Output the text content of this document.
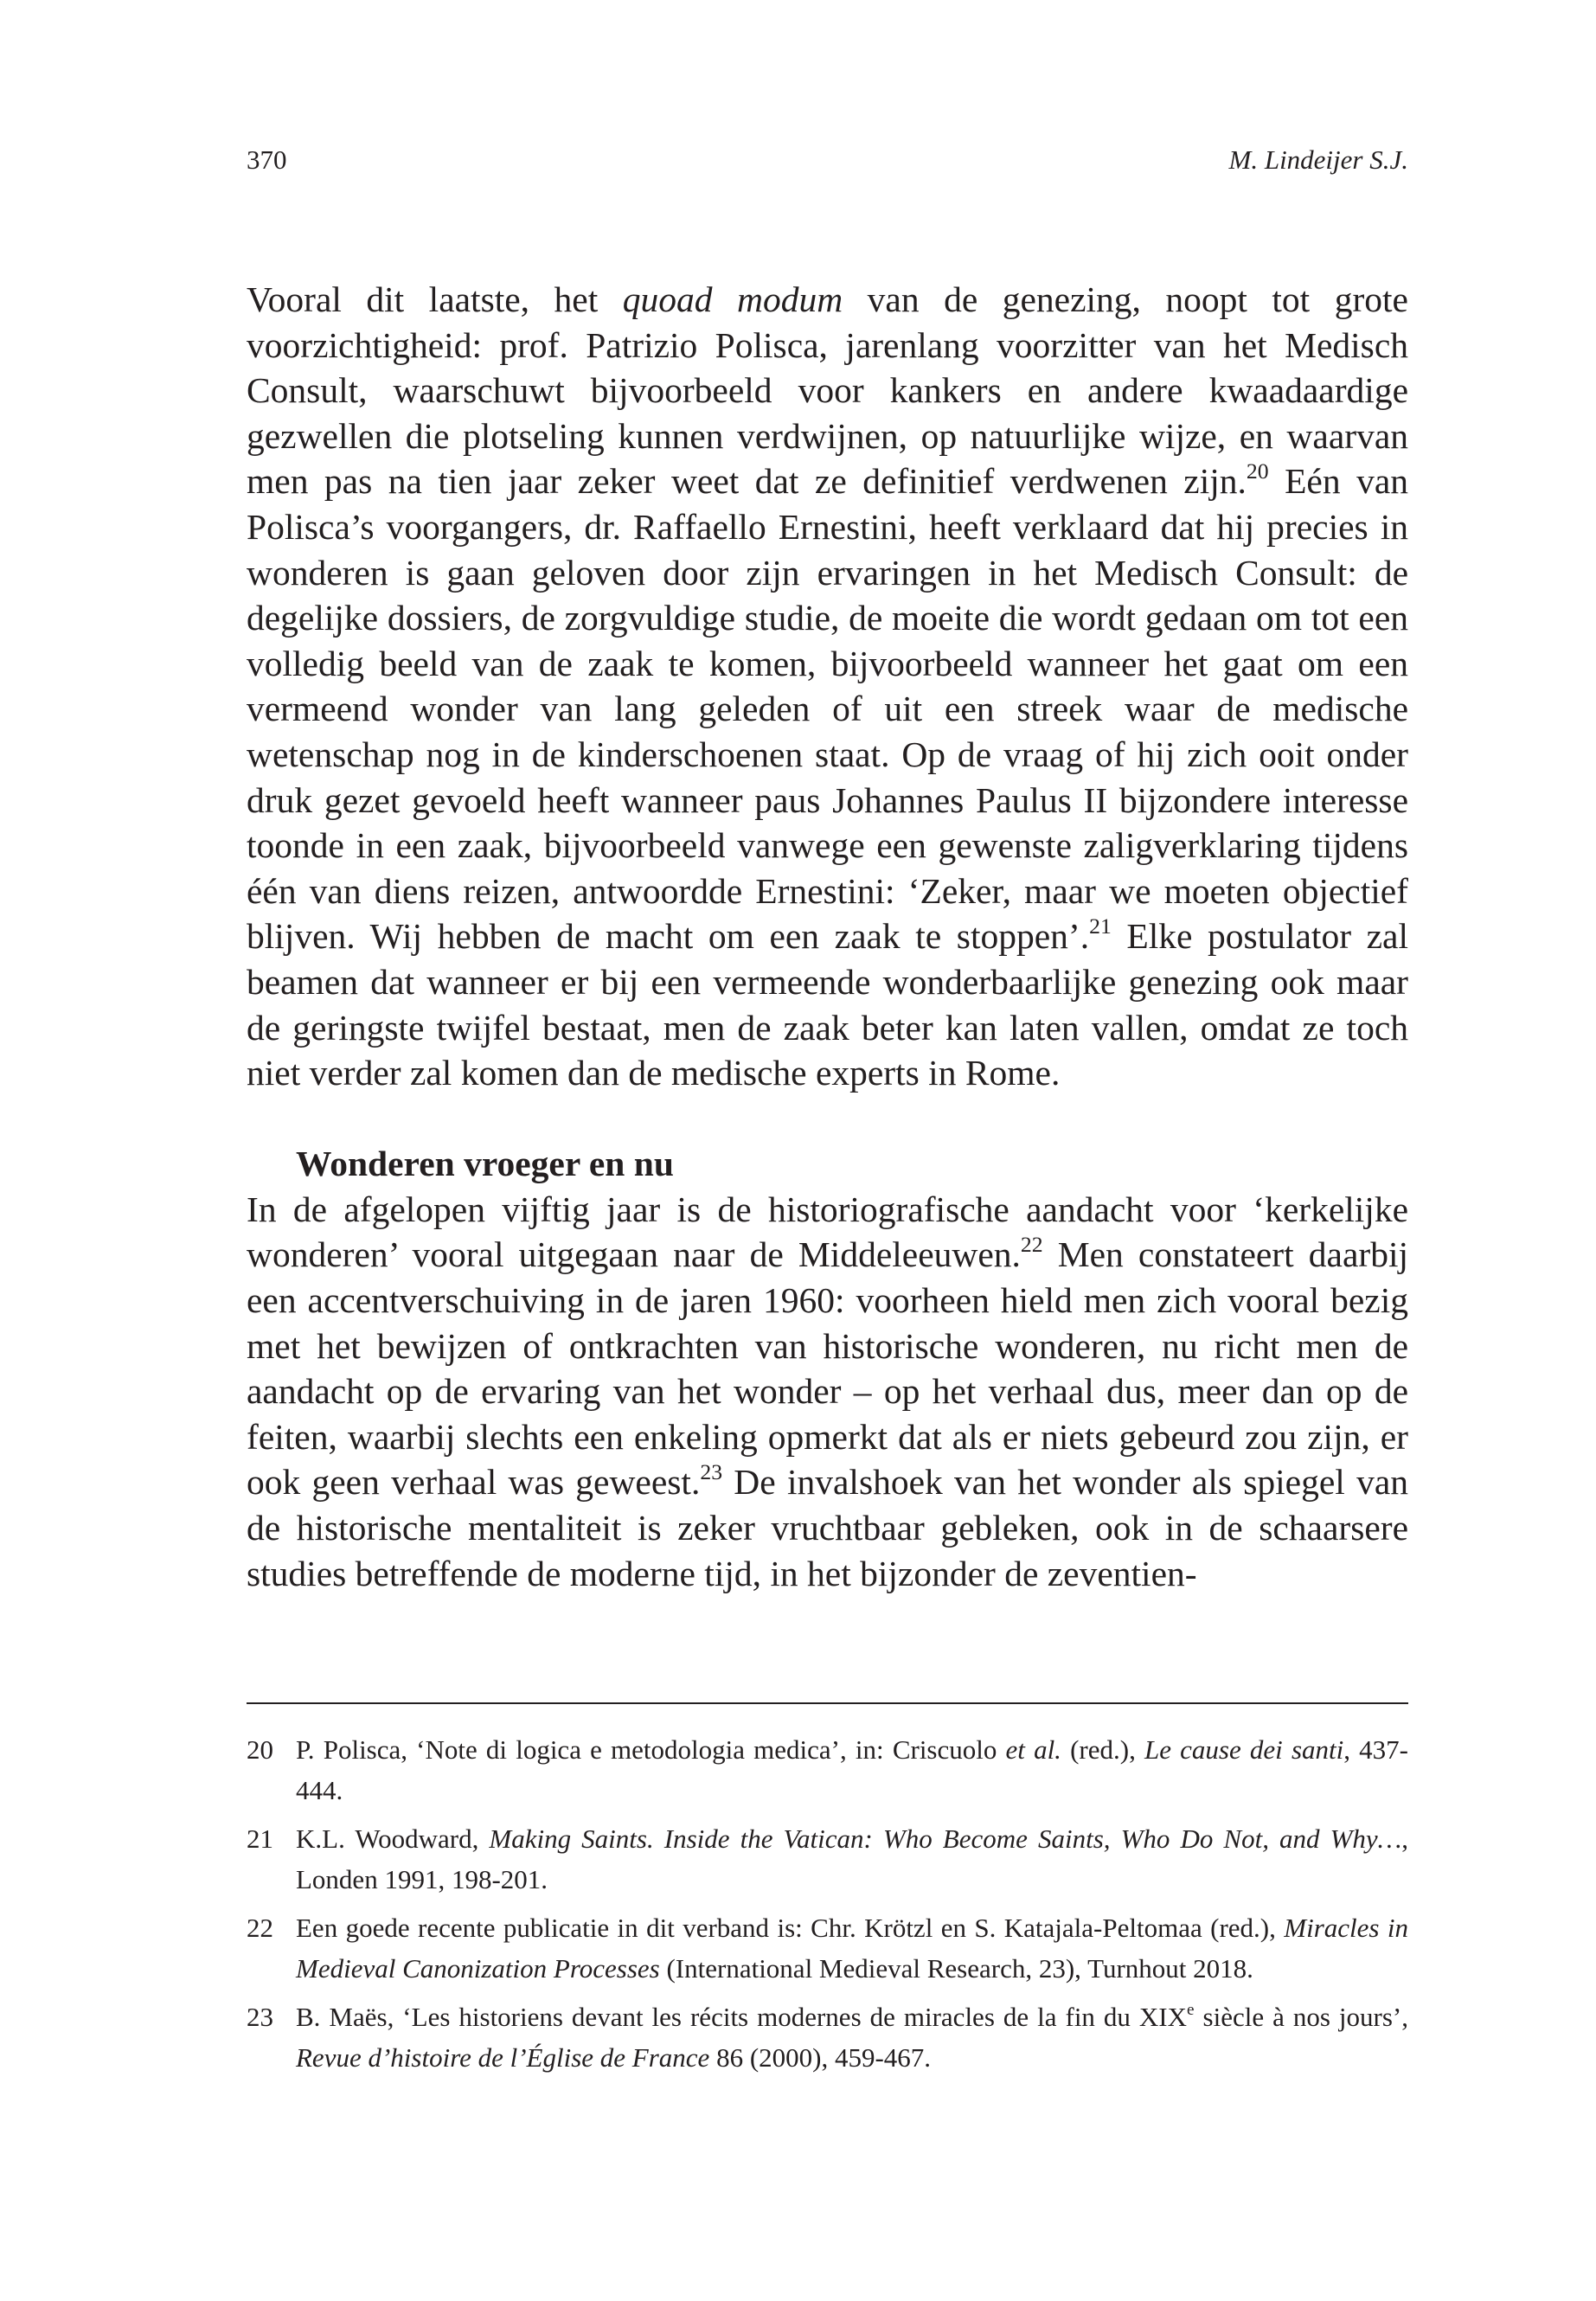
370	M. Lindeijer S.J.

Vooral dit laatste, het quoad modum van de genezing, noopt tot grote voorzichtigheid: prof. Patrizio Polisca, jarenlang voorzitter van het Medisch Consult, waarschuwt bijvoorbeeld voor kankers en andere kwaadaardige gezwellen die plotseling kunnen verdwijnen, op natuurlijke wijze, en waarvan men pas na tien jaar zeker weet dat ze definitief verdwenen zijn.$^{20}$ Eén van Polisca’s voorgangers, dr. Raffaello Ernestini, heeft verklaard dat hij precies in wonderen is gaan geloven door zijn ervaringen in het Medisch Consult: de degelijke dossiers, de zorgvuldige studie, de moeite die wordt gedaan om tot een volledig beeld van de zaak te komen, bijvoorbeeld wanneer het gaat om een vermeend wonder van lang geleden of uit een streek waar de medische wetenschap nog in de kinderschoenen staat. Op de vraag of hij zich ooit onder druk gezet gevoeld heeft wanneer paus Johannes Paulus II bijzondere interesse toonde in een zaak, bijvoorbeeld vanwege een gewenste zaligverklaring tijdens één van diens reizen, antwoordde Ernestini: ‘Zeker, maar we moeten objectief blijven. Wij hebben de macht om een zaak te stoppen’.$^{21}$ Elke postulator zal beamen dat wanneer er bij een vermeende wonderbaarlijke genezing ook maar de geringste twijfel bestaat, men de zaak beter kan laten vallen, omdat ze toch niet verder zal komen dan de medische experts in Rome.

Wonderen vroeger en nu

In de afgelopen vijftig jaar is de historiografische aandacht voor ‘kerkelijke wonderen’ vooral uitgegaan naar de Middeleeuwen.$^{22}$ Men constateert daarbij een accentverschuiving in de jaren 1960: voorheen hield men zich vooral bezig met het bewijzen of ontkrachten van historische wonderen, nu richt men de aandacht op de ervaring van het wonder – op het verhaal dus, meer dan op de feiten, waarbij slechts een enkeling opmerkt dat als er niets gebeurd zou zijn, er ook geen verhaal was geweest.$^{23}$ De invalshoek van het wonder als spiegel van de historische mentaliteit is zeker vruchtbaar gebleken, ook in de schaarsere studies betreffende de moderne tijd, in het bijzonder de zeventien-

20 P. Polisca, ‘Note di logica e metodologia medica’, in: Criscuolo et al. (red.), Le cause dei santi, 437-444.
21 K.L. Woodward, Making Saints. Inside the Vatican: Who Become Saints, Who Do Not, and Why…, Londen 1991, 198-201.
22 Een goede recente publicatie in dit verband is: Chr. Krötzl en S. Katajala-Peltomaa (red.), Miracles in Medieval Canonization Processes (International Medieval Research, 23), Turnhout 2018.
23 B. Maës, ‘Les historiens devant les récits modernes de miracles de la fin du XIXe siècle à nos jours’, Revue d’histoire de l’Église de France 86 (2000), 459-467.
